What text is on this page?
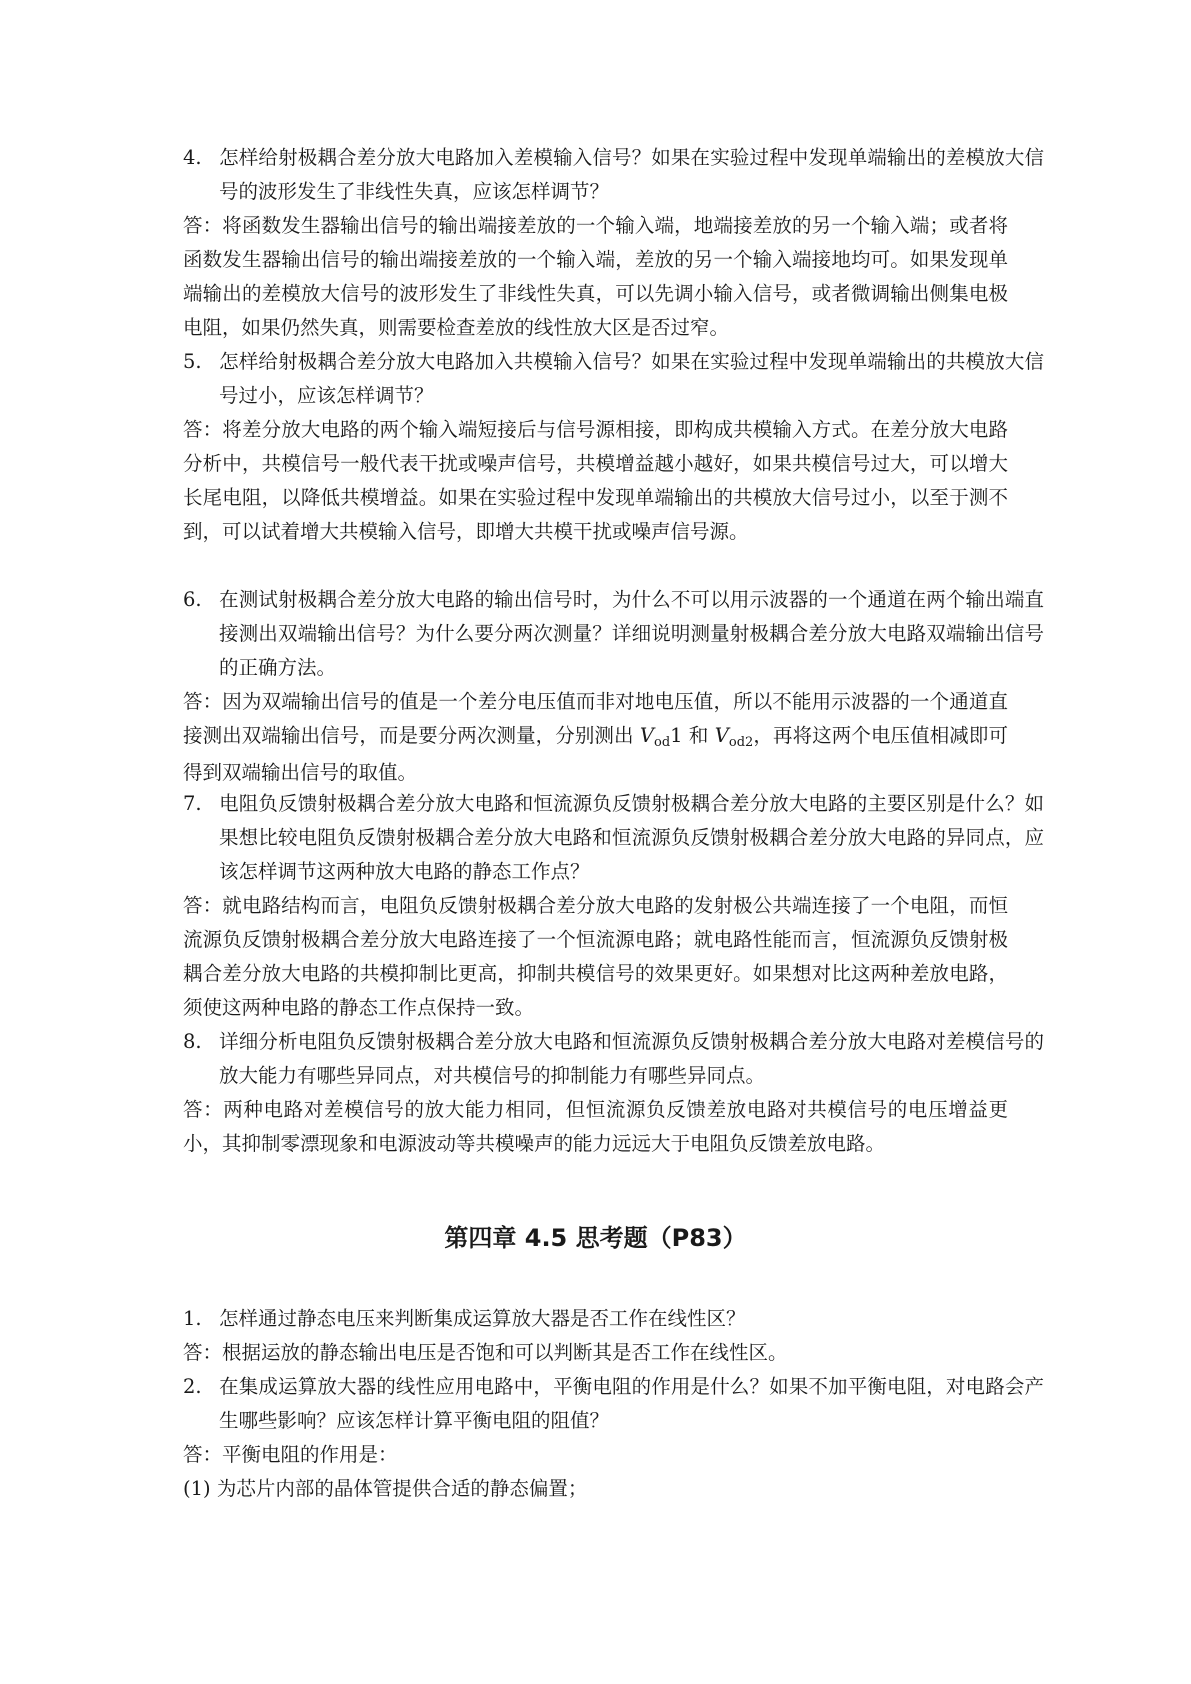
4. 怎样给射极耦合差分放大电路加入差模输入信号？如果在实验过程中发现单端输出的差模放大信号的波形发生了非线性失真，应该怎样调节？

答：将函数发生器输出信号的输出端接差放的一个输入端，地端接差放的另一个输入端；或者将函数发生器输出信号的输出端接差放的一个输入端，差放的另一个输入端接地均可。如果发现单端输出的差模放大信号的波形发生了非线性失真，可以先调小输入信号，或者微调输出侧集电极电阻，如果仍然失真，则需要检查差放的线性放大区是否过窄。

5. 怎样给射极耦合差分放大电路加入共模输入信号？如果在实验过程中发现单端输出的共模放大信号过小，应该怎样调节？

答：将差分放大电路的两个输入端短接后与信号源相接，即构成共模输入方式。在差分放大电路分析中，共模信号一般代表干扰或噪声信号，共模增益越小越好，如果共模信号过大，可以增大长尾电阻，以降低共模增益。如果在实验过程中发现单端输出的共模放大信号过小，以至于测不到，可以试着增大共模输入信号，即增大共模干扰或噪声信号源。

6. 在测试射极耦合差分放大电路的输出信号时，为什么不可以用示波器的一个通道在两个输出端直接测出双端输出信号？为什么要分两次测量？详细说明测量射极耦合差分放大电路双端输出信号的正确方法。

答：因为双端输出信号的值是一个差分电压值而非对地电压值，所以不能用示波器的一个通道直接测出双端输出信号，而是要分两次测量，分别测出 $V_{od}1$ 和 $V_{od2}$，再将这两个电压值相减即可得到双端输出信号的取值。

7. 电阻负反馈射极耦合差分放大电路和恒流源负反馈射极耦合差分放大电路的主要区别是什么？如果想比较电阻负反馈射极耦合差分放大电路和恒流源负反馈射极耦合差分放大电路的异同点，应该怎样调节这两种放大电路的静态工作点？

答：就电路结构而言，电阻负反馈射极耦合差分放大电路的发射极公共端连接了一个电阻，而恒流源负反馈射极耦合差分放大电路连接了一个恒流源电路；就电路性能而言，恒流源负反馈射极耦合差分放大电路的共模抑制比更高，抑制共模信号的效果更好。如果想对比这两种差放电路，须使这两种电路的静态工作点保持一致。

8. 详细分析电阻负反馈射极耦合差分放大电路和恒流源负反馈射极耦合差分放大电路对差模信号的放大能力有哪些异同点，对共模信号的抑制能力有哪些异同点。

答：两种电路对差模信号的放大能力相同，但恒流源负反馈差放电路对共模信号的电压增益更小，其抑制零漂现象和电源波动等共模噪声的能力远远大于电阻负反馈差放电路。

第四章 4.5 思考题（P83）

1. 怎样通过静态电压来判断集成运算放大器是否工作在线性区？

答：根据运放的静态输出电压是否饱和可以判断其是否工作在线性区。

2. 在集成运算放大器的线性应用电路中，平衡电阻的作用是什么？如果不加平衡电阻，对电路会产生哪些影响？应该怎样计算平衡电阻的阻值？

答：平衡电阻的作用是：

(1) 为芯片内部的晶体管提供合适的静态偏置；
